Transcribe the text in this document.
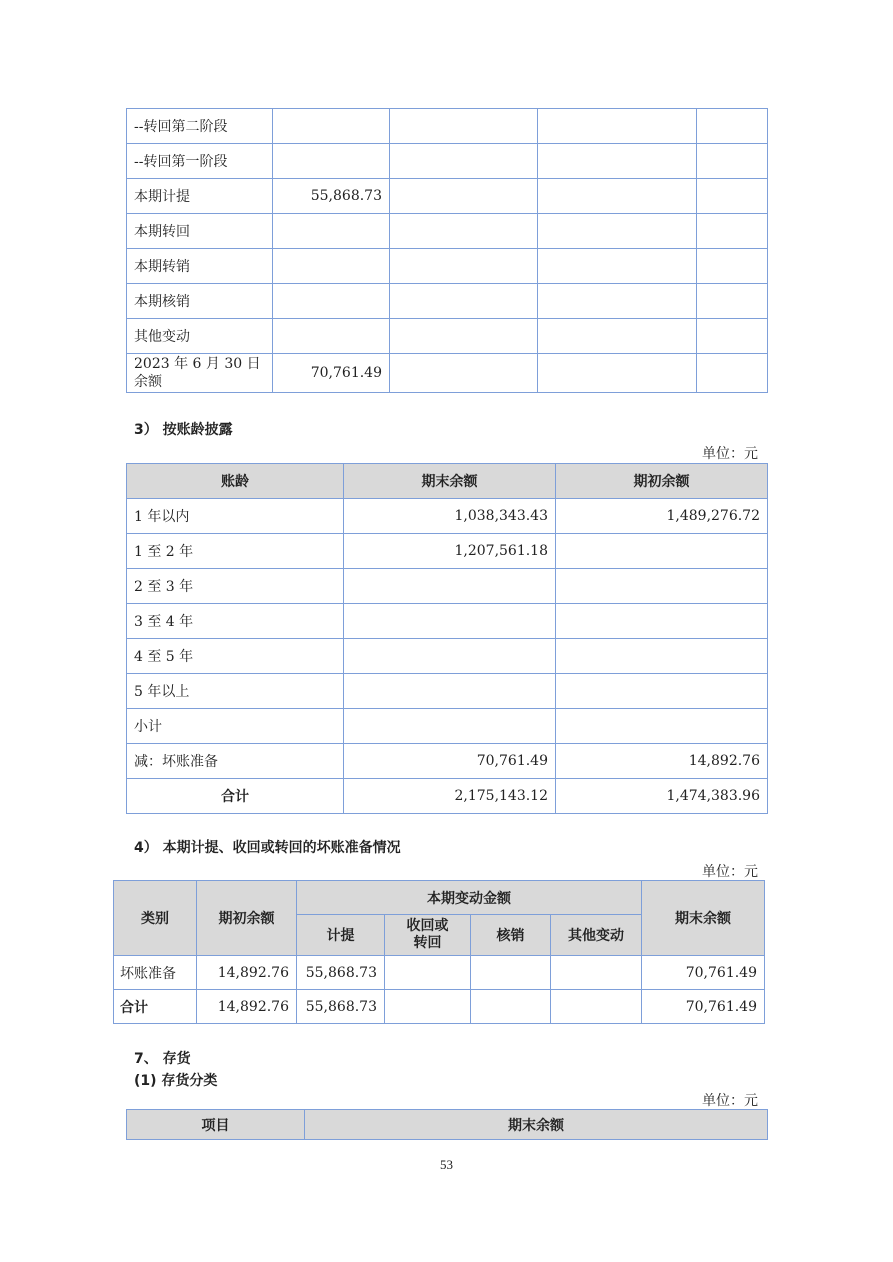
--转回第二阶段				
--转回第一阶段				
本期计提	55,868.73			
本期转回				
本期转销				
本期核销				
其他变动				
2023 年 6 月 30 日余额	70,761.49			
3） 按账龄披露
单位：元
账龄	期末余额	期初余额
1 年以内	1,038,343.43	1,489,276.72
1 至 2 年	1,207,561.18	
2 至 3 年		
3 至 4 年		
4 至 5 年		
5 年以上		
小计		
减：坏账准备	70,761.49	14,892.76
合计	2,175,143.12	1,474,383.96
4） 本期计提、收回或转回的坏账准备情况
单位：元
类别	期初余额	本期变动金额				期末余额
		计提	收回或转回	核销	其他变动	
坏账准备	14,892.76	55,868.73				70,761.49
合计	14,892.76	55,868.73				70,761.49
7、 存货
(1) 存货分类
单位：元
项目	期末余额
53
